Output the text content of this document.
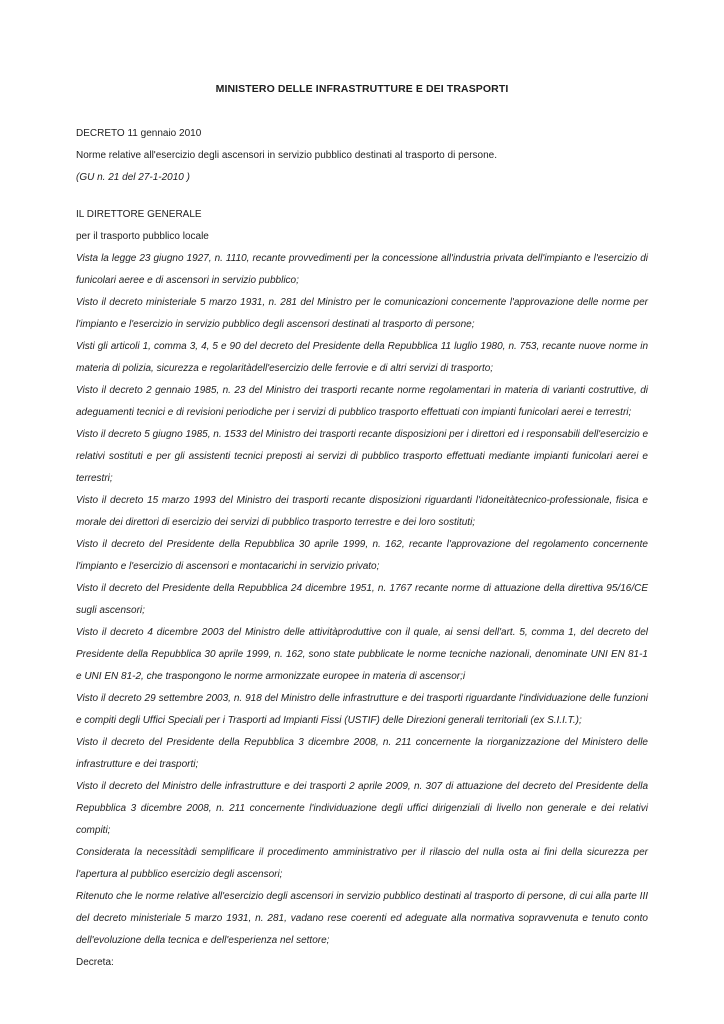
MINISTERO DELLE INFRASTRUTTURE E DEI TRASPORTI

DECRETO 11 gennaio 2010

Norme relative all'esercizio degli ascensori in servizio pubblico destinati al trasporto di persone.

(GU n. 21 del 27-1-2010 )

IL DIRETTORE GENERALE

per il trasporto pubblico locale

Vista la legge 23 giugno 1927, n. 1110, recante provvedimenti per la concessione all'industria privata dell'impianto e l'esercizio di funicolari aeree e di ascensori in servizio pubblico;

Visto il decreto ministeriale 5 marzo 1931, n. 281 del Ministro per le comunicazioni concernente l'approvazione delle norme per l'impianto e l'esercizio in servizio pubblico degli ascensori destinati al trasporto di persone;

Visti gli articoli 1, comma 3, 4, 5 e 90 del decreto del Presidente della Repubblica 11 luglio 1980, n. 753, recante nuove norme in materia di polizia, sicurezza e regolaritàdell'esercizio delle ferrovie e di altri servizi di trasporto;

Visto il decreto 2 gennaio 1985, n. 23 del Ministro dei trasporti recante norme regolamentari in materia di varianti costruttive, di adeguamenti tecnici e di revisioni periodiche per i servizi di pubblico trasporto effettuati con impianti funicolari aerei e terrestri;

Visto il decreto 5 giugno 1985, n. 1533 del Ministro dei trasporti recante disposizioni per i direttori ed i responsabili dell'esercizio e relativi sostituti e per gli assistenti tecnici preposti ai servizi di pubblico trasporto effettuati mediante impianti funicolari aerei e terrestri;

Visto il decreto 15 marzo 1993 del Ministro dei trasporti recante disposizioni riguardanti l'idoneitàtecnico-professionale, fisica e morale dei direttori di esercizio dei servizi di pubblico trasporto terrestre e dei loro sostituti;

Visto il decreto del Presidente della Repubblica 30 aprile 1999, n. 162, recante l'approvazione del regolamento concernente l'impianto e l'esercizio di ascensori e montacarichi in servizio privato;

Visto il decreto del Presidente della Repubblica 24 dicembre 1951, n. 1767 recante norme di attuazione della direttiva 95/16/CE sugli ascensori;

Visto il decreto 4 dicembre 2003 del Ministro delle attivitàproduttive con il quale, ai sensi dell'art. 5, comma 1, del decreto del Presidente della Repubblica 30 aprile 1999, n. 162, sono state pubblicate le norme tecniche nazionali, denominate UNI EN 81-1 e UNI EN 81-2, che traspongono le norme armonizzate europee in materia di ascensor;i

Visto il decreto 29 settembre 2003, n. 918 del Ministro delle infrastrutture e dei trasporti riguardante l'individuazione delle funzioni e compiti degli Uffici Speciali per i Trasporti ad Impianti Fissi (USTIF) delle Direzioni generali territoriali (ex S.I.I.T.);

Visto il decreto del Presidente della Repubblica 3 dicembre 2008, n. 211 concernente la riorganizzazione del Ministero delle infrastrutture e dei trasporti;

Visto il decreto del Ministro delle infrastrutture e dei trasporti 2 aprile 2009, n. 307 di attuazione del decreto del Presidente della Repubblica 3 dicembre 2008, n. 211 concernente l'individuazione degli uffici dirigenziali di livello non generale e dei relativi compiti;

Considerata la necessitàdi semplificare il procedimento amministrativo per il rilascio del nulla osta ai fini della sicurezza per l'apertura al pubblico esercizio degli ascensori;

Ritenuto che le norme relative all'esercizio degli ascensori in servizio pubblico destinati al trasporto di persone, di cui alla parte III del decreto ministeriale 5 marzo 1931, n. 281, vadano rese coerenti ed adeguate alla normativa sopravvenuta e tenuto conto dell'evoluzione della tecnica e dell'esperienza nel settore;

Decreta:
